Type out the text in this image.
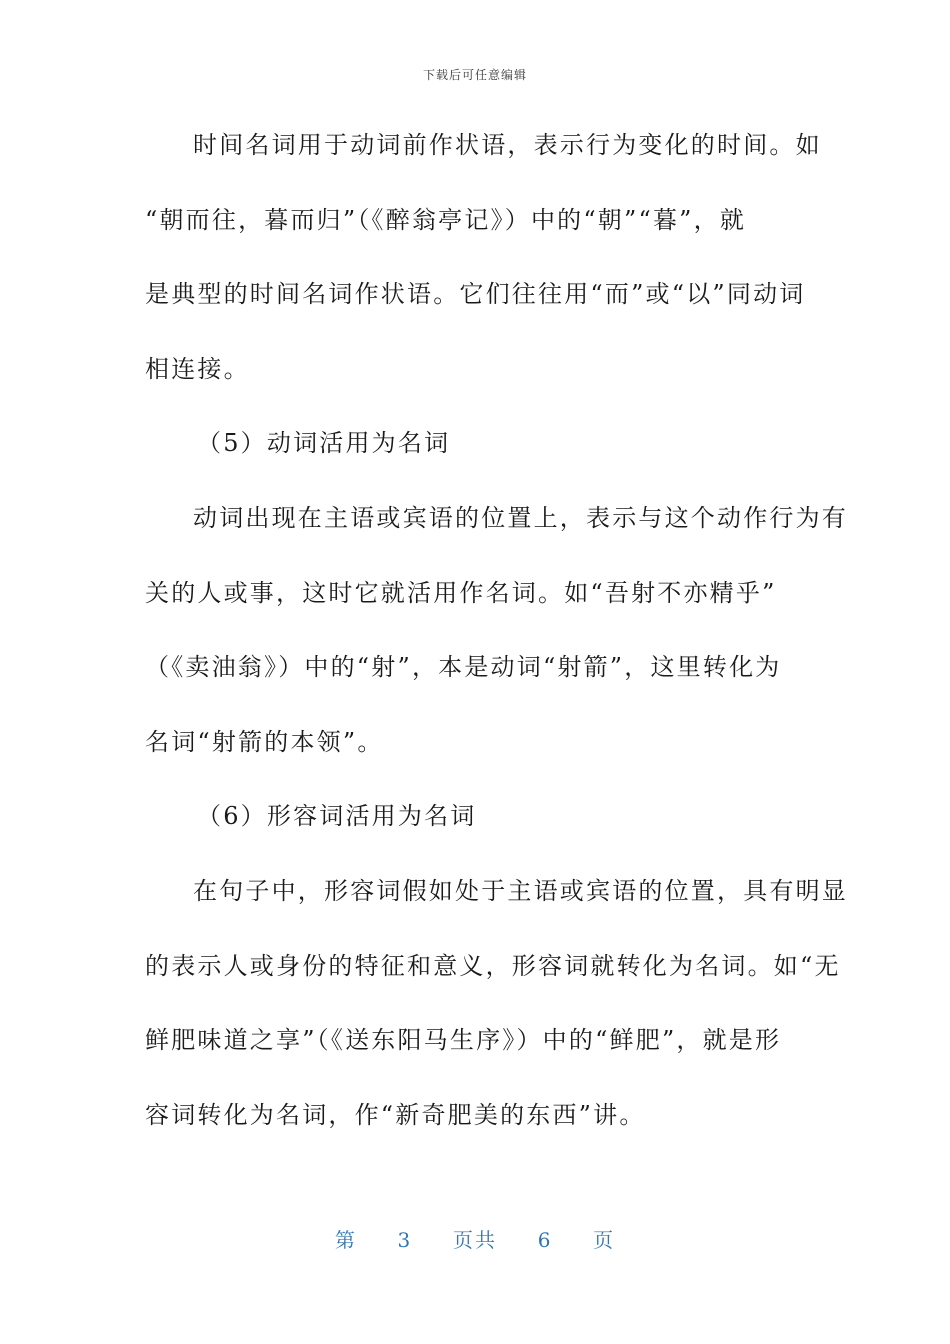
下载后可任意编辑
时间名词用于动词前作状语，表示行为变化的时间。如
“朝而往，暮而归”（《醉翁亭记》）中的“朝”“暮”，就
是典型的时间名词作状语。它们往往用“而”或“以”同动词
相连接。
（5）动词活用为名词
动词出现在主语或宾语的位置上，表示与这个动作行为有
关的人或事，这时它就活用作名词。如“吾射不亦精乎”
（《卖油翁》）中的“射”，本是动词“射箭”，这里转化为
名词“射箭的本领”。
（6）形容词活用为名词
在句子中，形容词假如处于主语或宾语的位置，具有明显
的表示人或身份的特征和意义，形容词就转化为名词。如“无
鲜肥味道之享”（《送东阳马生序》）中的“鲜肥”，就是形
容词转化为名词，作“新奇肥美的东西”讲。
第 3 页共 6 页
